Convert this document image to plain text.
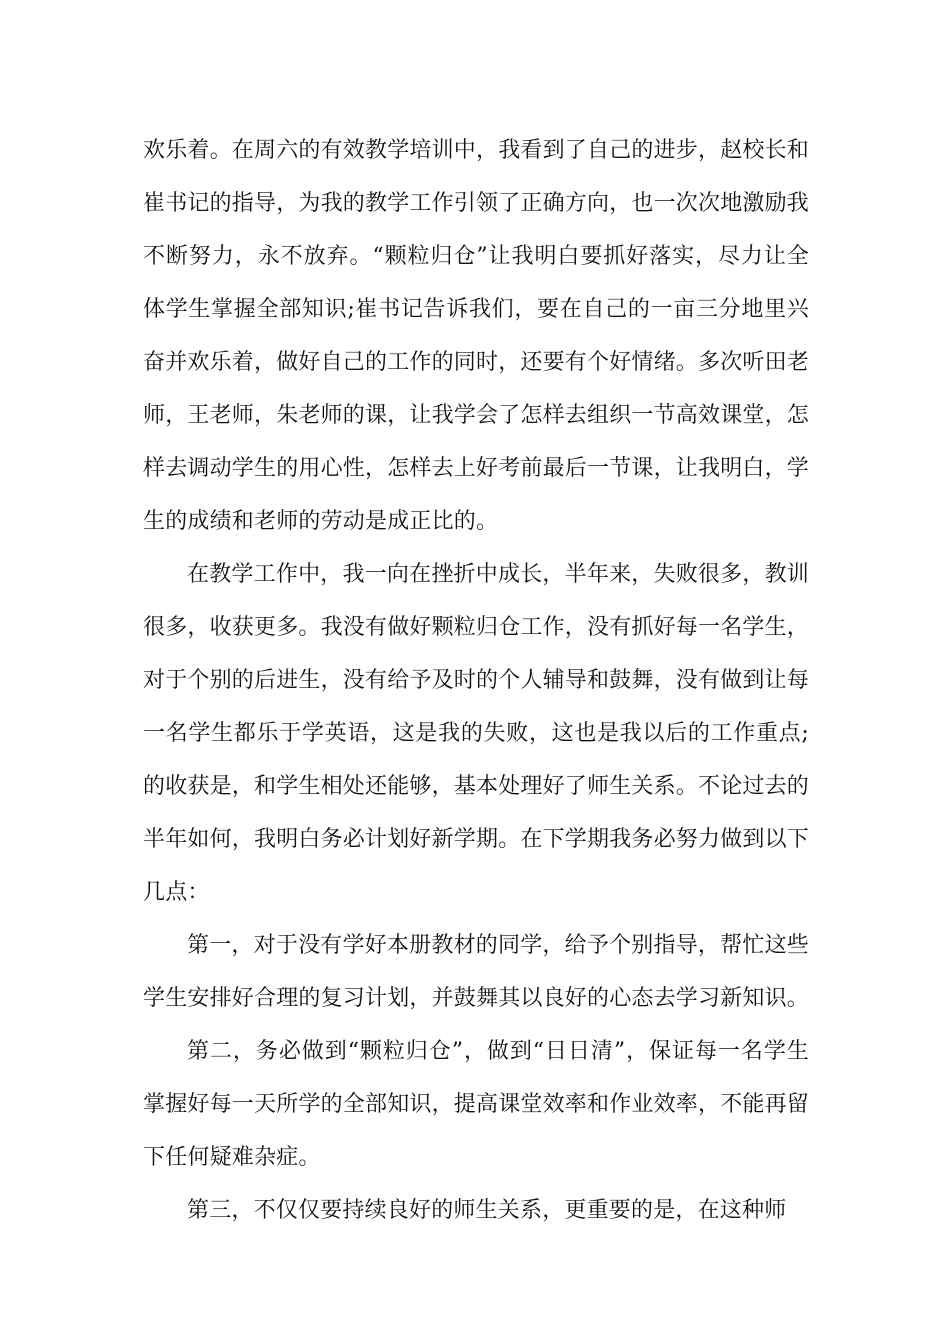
欢乐着。在周六的有效教学培训中，我看到了自己的进步，赵校长和崔书记的指导，为我的教学工作引领了正确方向，也一次次地激励我不断努力，永不放弃。“颗粒归仓”让我明白要抓好落实，尽力让全体学生掌握全部知识;崔书记告诉我们，要在自己的一亩三分地里兴奋并欢乐着，做好自己的工作的同时，还要有个好情绪。多次听田老师，王老师，朱老师的课，让我学会了怎样去组织一节高效课堂，怎样去调动学生的用心性，怎样去上好考前最后一节课，让我明白，学生的成绩和老师的劳动是成正比的。

在教学工作中，我一向在挫折中成长，半年来，失败很多，教训很多，收获更多。我没有做好颗粒归仓工作，没有抓好每一名学生，对于个别的后进生，没有给予及时的个人辅导和鼓舞，没有做到让每一名学生都乐于学英语，这是我的失败，这也是我以后的工作重点;的收获是，和学生相处还能够，基本处理好了师生关系。不论过去的半年如何，我明白务必计划好新学期。在下学期我务必努力做到以下几点：

第一，对于没有学好本册教材的同学，给予个别指导，帮忙这些学生安排好合理的复习计划，并鼓舞其以良好的心态去学习新知识。

第二，务必做到“颗粒归仓”，做到“日日清”，保证每一名学生掌握好每一天所学的全部知识，提高课堂效率和作业效率，不能再留下任何疑难杂症。

第三，不仅仅要持续良好的师生关系，更重要的是，在这种师
